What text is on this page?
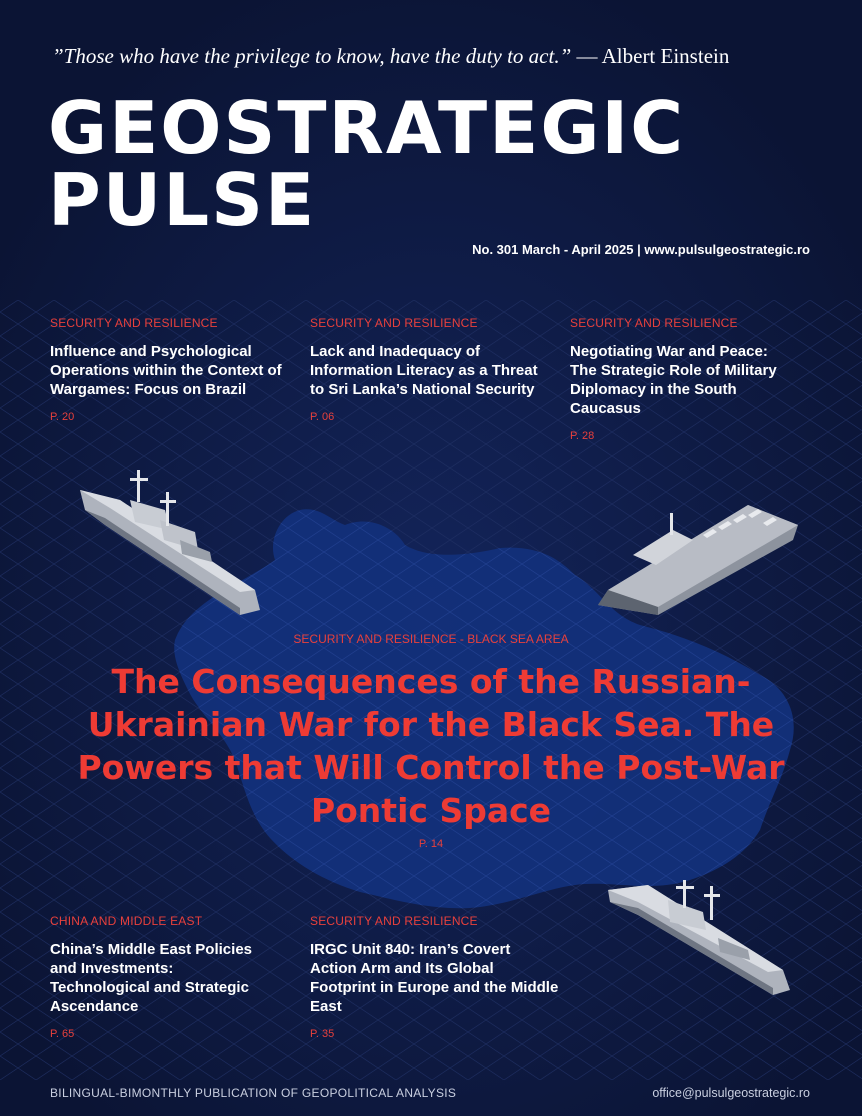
”Those who have the privilege to know, have the duty to act.” — Albert Einstein
GEOSTRATEGIC
PULSE
No. 301 March - April 2025 | www.pulsulgeostrategic.ro
SECURITY AND RESILIENCE
Influence and Psychological Operations within the Context of Wargames: Focus on Brazil
P. 20
SECURITY AND RESILIENCE
Lack and Inadequacy of Information Literacy as a Threat to Sri Lanka’s National Security
P. 06
SECURITY AND RESILIENCE
Negotiating War and Peace: The Strategic Role of Military Diplomacy in the South Caucasus
P. 28
SECURITY AND RESILIENCE - BLACK SEA AREA
The Consequences of the Russian-Ukrainian War for the Black Sea. The Powers that Will Control the Post-War Pontic Space
P. 14
CHINA AND MIDDLE EAST
China’s Middle East Policies and Investments: Technological and Strategic Ascendance
P. 65
SECURITY AND RESILIENCE
IRGC Unit 840: Iran’s Covert Action Arm and Its Global Footprint in Europe and the Middle East
P. 35
BILINGUAL-BIMONTHLY PUBLICATION OF GEOPOLITICAL ANALYSIS	office@pulsulgeostrategic.ro
